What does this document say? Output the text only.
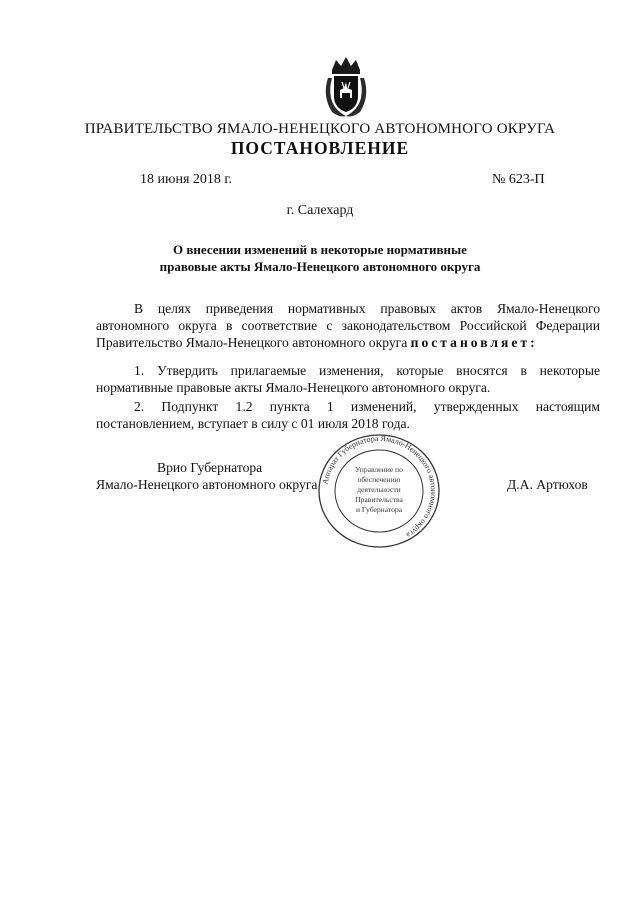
ПРАВИТЕЛЬСТВО ЯМАЛО-НЕНЕЦКОГО АВТОНОМНОГО ОКРУГА
ПОСТАНОВЛЕНИЕ
18 июня 2018 г.	№ 623-П
г. Салехард
О внесении изменений в некоторые нормативные
правовые акты Ямало-Ненецкого автономного округа
В целях приведения нормативных правовых актов Ямало-Ненецкого
автономного округа в соответствие с законодательством Российской Федерации
Правительство Ямало-Ненецкого автономного округа постановляет:
1. Утвердить прилагаемые изменения, которые вносятся в некоторые
нормативные правовые акты Ямало-Ненецкого автономного округа.
2. Подпункт 1.2 пункта 1 изменений, утвержденных настоящим
постановлением, вступает в силу с 01 июля 2018 года.
Врио Губернатора
Ямало-Ненецкого автономного округа	Д.А. Артюхов
Аппарат Губернатора Ямало-Ненецкого автономного округа
Управление по
обеспечению
деятельности
Правительства
и Губернатора
